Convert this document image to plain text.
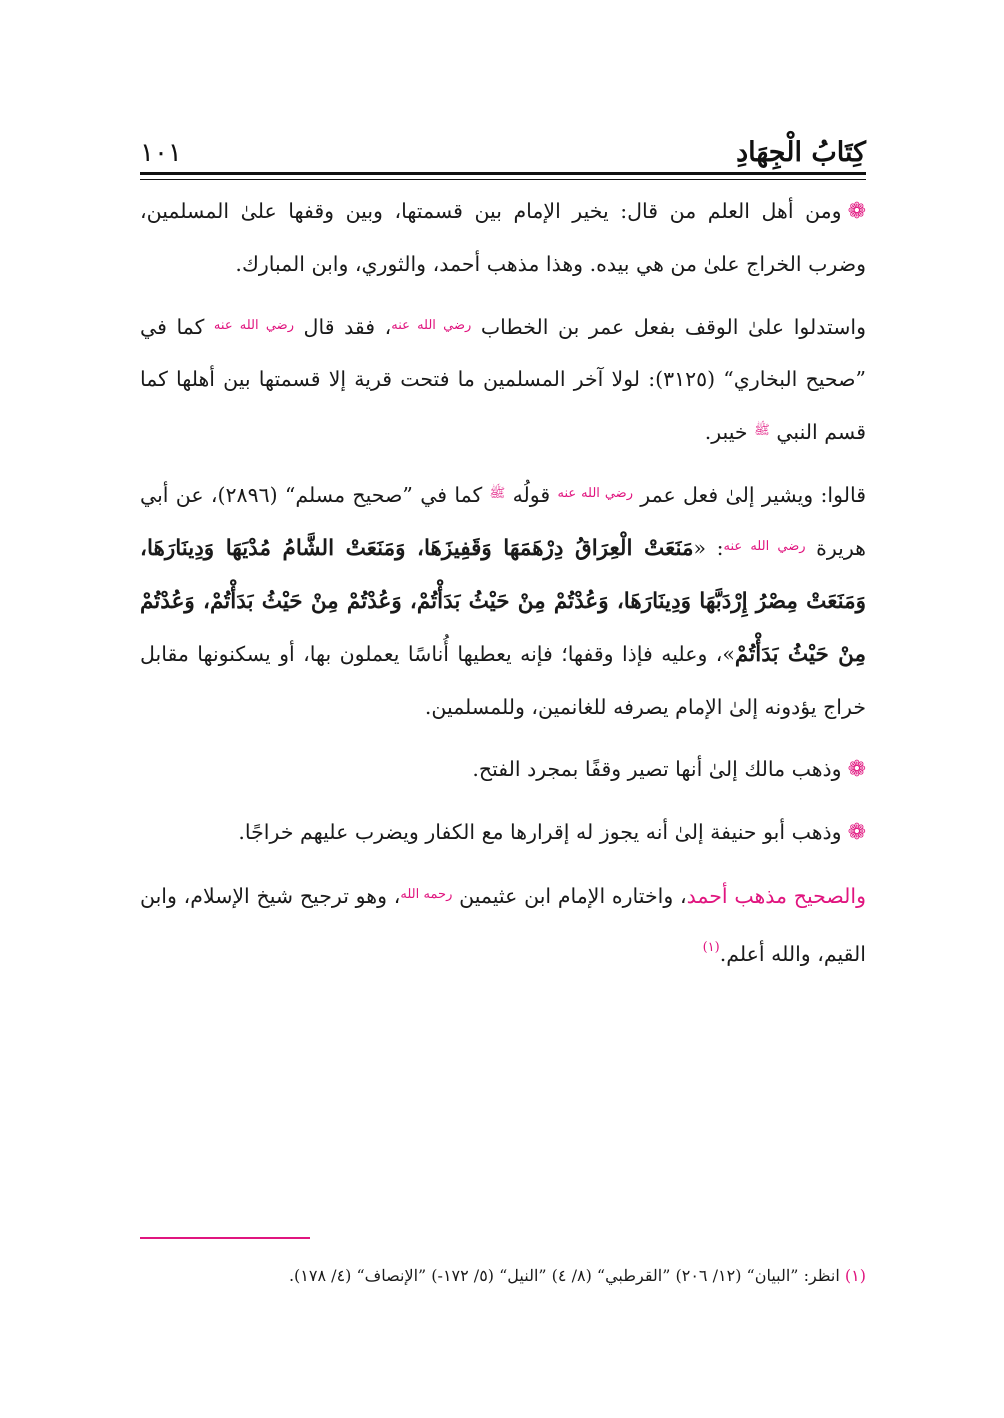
كِتَابُ الْجِهَادِ
١٠١

❁ومن أهل العلم من قال: يخير الإمام بين قسمتها، وبين وقفها علىٰ المسلمين، وضرب الخراج علىٰ من هي بيده. وهذا مذهب أحمد، والثوري، وابن المبارك.

واستدلوا علىٰ الوقف بفعل عمر بن الخطاب $^{رضي الله عنه}$، فقد قال $^{رضي الله عنه}$ كما في ”صحيح البخاري“ (٣١٢٥): لولا آخر المسلمين ما فتحت قرية إلا قسمتها بين أهلها كما قسم النبي $^ﷺ$ خيبر.

قالوا: ويشير إلىٰ فعل عمر $^{رضي الله عنه}$ قولُه $^ﷺ$ كما في ”صحيح مسلم“ (٢٨٩٦)، عن أبي هريرة $^{رضي الله عنه}$: «مَنَعَتْ الْعِرَاقُ دِرْهَمَهَا وَقَفِيزَهَا، وَمَنَعَتْ الشَّامُ مُدْيَهَا وَدِينَارَهَا، وَمَنَعَتْ مِصْرُ إِرْدَبَّهَا وَدِينَارَهَا، وَعُدْتُمْ مِنْ حَيْثُ بَدَأْتُمْ، وَعُدْتُمْ مِنْ حَيْثُ بَدَأْتُمْ، وَعُدْتُمْ مِنْ حَيْثُ بَدَأْتُمْ»، وعليه فإذا وقفها؛ فإنه يعطيها أُناسًا يعملون بها، أو يسكنونها مقابل خراج يؤدونه إلىٰ الإمام يصرفه للغانمين، وللمسلمين.

❁وذهب مالك إلىٰ أنها تصير وقفًا بمجرد الفتح.

❁وذهب أبو حنيفة إلىٰ أنه يجوز له إقرارها مع الكفار ويضرب عليهم خراجًا.

والصحيح مذهب أحمد، واختاره الإمام ابن عثيمين $^{رحمه الله}$، وهو ترجيح شيخ الإسلام، وابن القيم، والله أعلم.$^{(١)}$

(١) انظر: ”البيان“ (١٢/ ٢٠٦) ”القرطبي“ (٨/ ٤) ”النيل“ (٥/ ١٧٢-) ”الإنصاف“ (٤/ ١٧٨).
